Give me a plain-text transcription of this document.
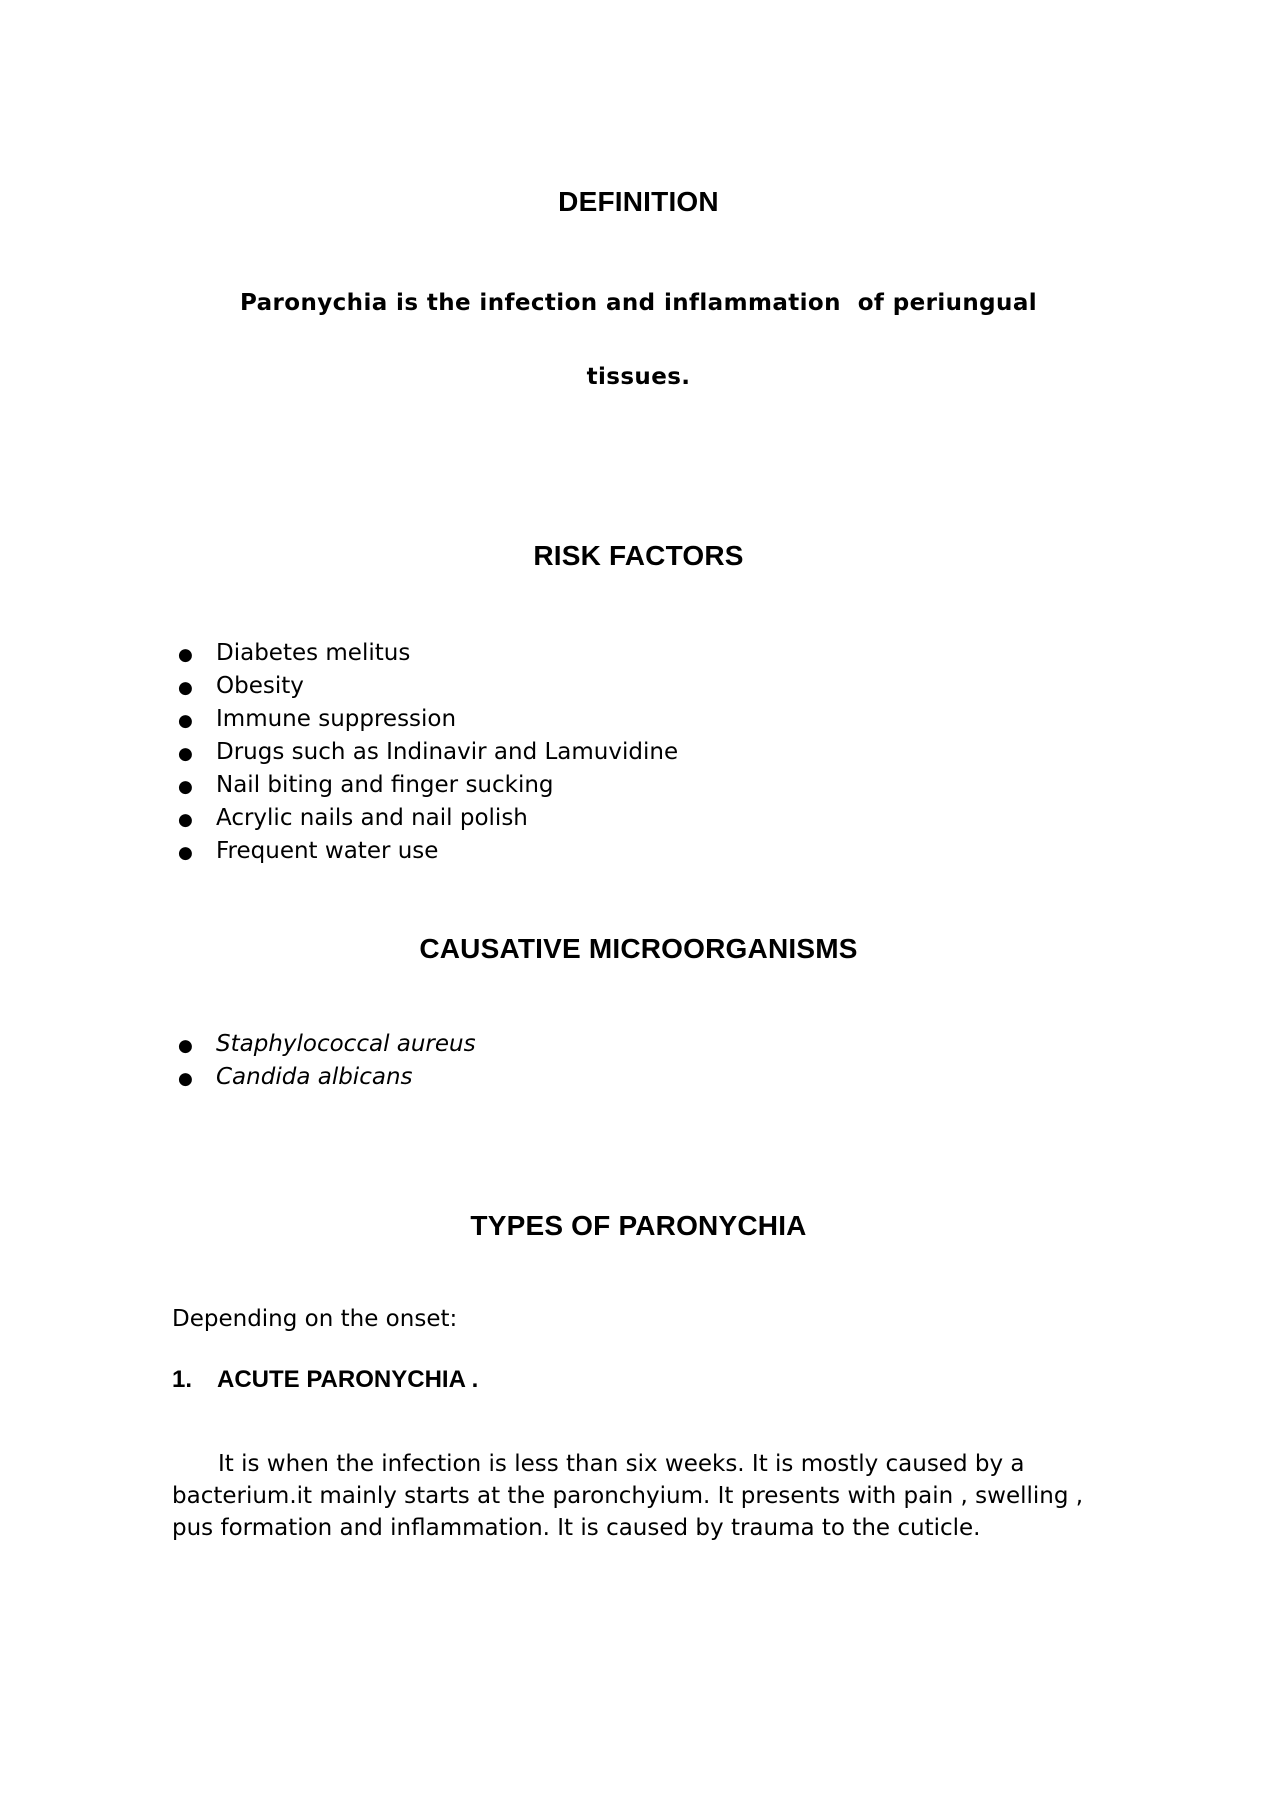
DEFINITION

Paronychia is the infection and inflammation  of periungual

tissues.

RISK FACTORS
●	Diabetes melitus
●	Obesity
●	Immune suppression
●	Drugs such as Indinavir and Lamuvidine
●	Nail biting and finger sucking
●	Acrylic nails and nail polish
●	Frequent water use
CAUSATIVE MICROORGANISMS
●	Staphylococcal aureus
●	Candida albicans
TYPES OF PARONYCHIA

Depending on the onset:

1.	ACUTE PARONYCHIA .

It is when the infection is less than six weeks. It is mostly caused by a bacterium.it mainly starts at the paronchyium. It presents with pain , swelling , pus formation and inflammation. It is caused by trauma to the cuticle.
